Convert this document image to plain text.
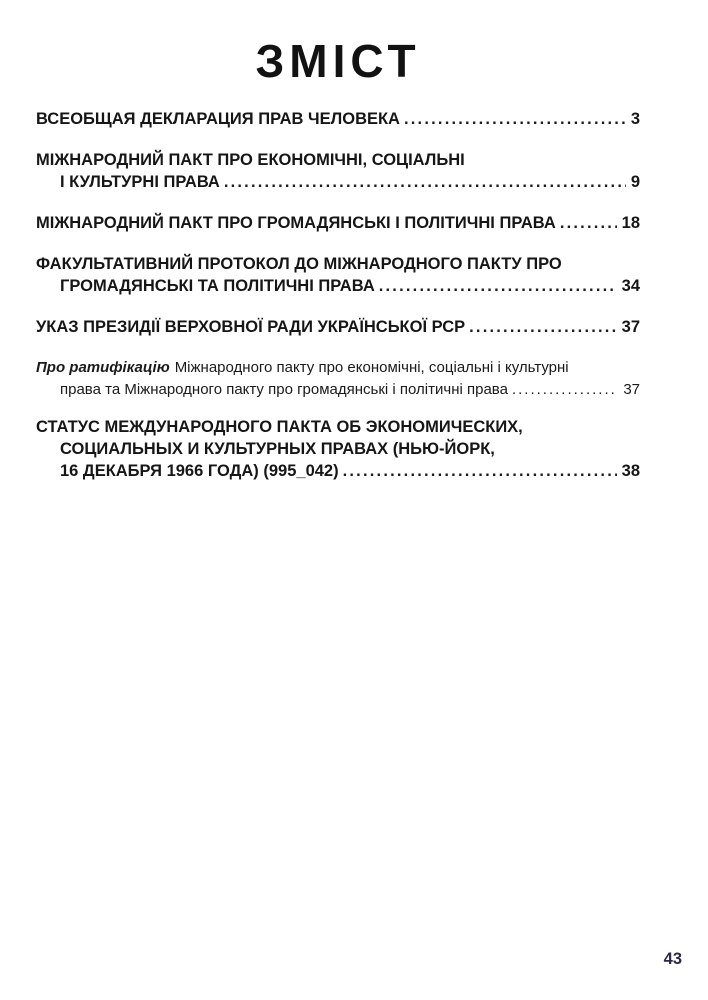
ЗМІСТ
ВСЕОБЩАЯ ДЕКЛАРАЦИЯ ПРАВ ЧЕЛОВЕКА .....	3
МІЖНАРОДНИЙ ПАКТ ПРО ЕКОНОМІЧНІ, СОЦІАЛЬНІ
І КУЛЬТУРНІ ПРАВА .....	9
МІЖНАРОДНИЙ ПАКТ ПРО ГРОМАДЯНСЬКІ І ПОЛІТИЧНІ ПРАВА .....	18
ФАКУЛЬТАТИВНИЙ ПРОТОКОЛ ДО МІЖНАРОДНОГО ПАКТУ ПРО
ГРОМАДЯНСЬКІ ТА ПОЛІТИЧНІ ПРАВА .....	34
УКАЗ ПРЕЗИДІЇ ВЕРХОВНОЇ РАДИ УКРАЇНСЬКОЇ РСР .....	37
Про ратифікацію Міжнародного пакту про економічні, соціальні і культурні
права та Міжнародного пакту про громадянські і політичні права .....	37
СТАТУС МЕЖДУНАРОДНОГО ПАКТА ОБ ЭКОНОМИЧЕСКИХ,
СОЦИАЛЬНЫХ И КУЛЬТУРНЫХ ПРАВАХ (НЬЮ-ЙОРК,
16 ДЕКАБРЯ 1966 ГОДА) (995_042) .....	38
43
